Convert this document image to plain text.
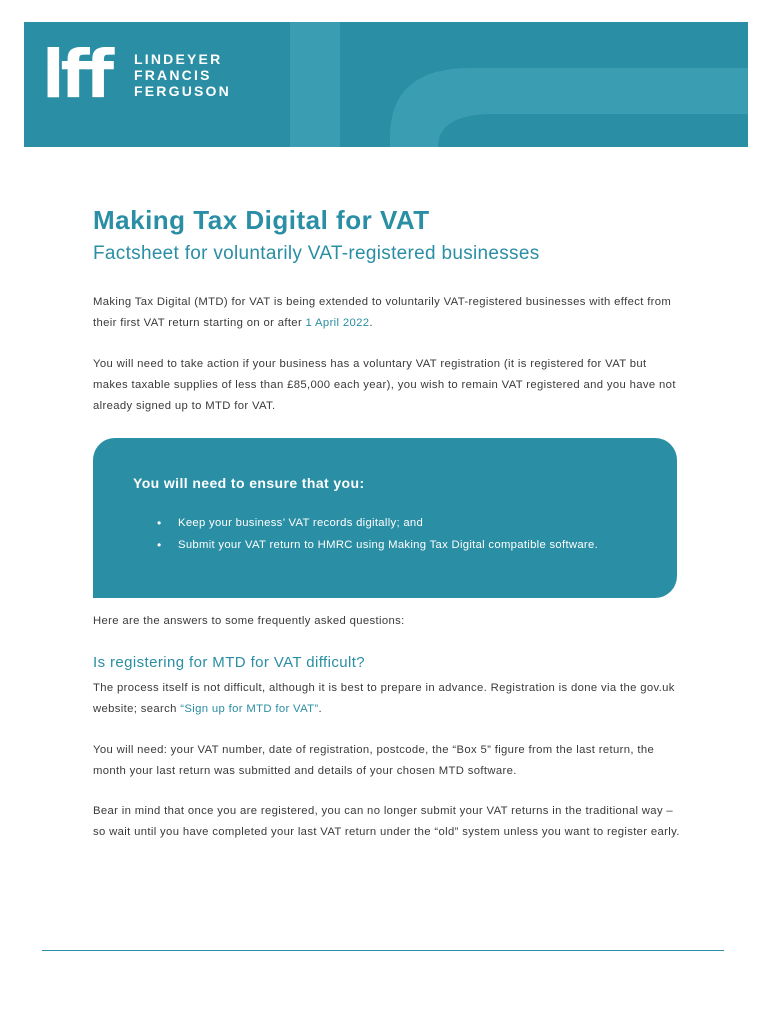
lff LINDEYER
FRANCIS
FERGUSON
Making Tax Digital for VAT
Factsheet for voluntarily VAT-registered businesses
Making Tax Digital (MTD) for VAT is being extended to voluntarily VAT-registered businesses with effect from their first VAT return starting on or after 1 April 2022.
You will need to take action if your business has a voluntary VAT registration (it is registered for VAT but makes taxable supplies of less than £85,000 each year), you wish to remain VAT registered and you have not already signed up to MTD for VAT.
You will need to ensure that you:
• Keep your business’ VAT records digitally; and
• Submit your VAT return to HMRC using Making Tax Digital compatible software.
Here are the answers to some frequently asked questions:
Is registering for MTD for VAT difficult?
The process itself is not difficult, although it is best to prepare in advance. Registration is done via the gov.uk website; search “Sign up for MTD for VAT”.
You will need: your VAT number, date of registration, postcode, the “Box 5” figure from the last return, the month your last return was submitted and details of your chosen MTD software.
Bear in mind that once you are registered, you can no longer submit your VAT returns in the traditional way – so wait until you have completed your last VAT return under the “old” system unless you want to register early.
